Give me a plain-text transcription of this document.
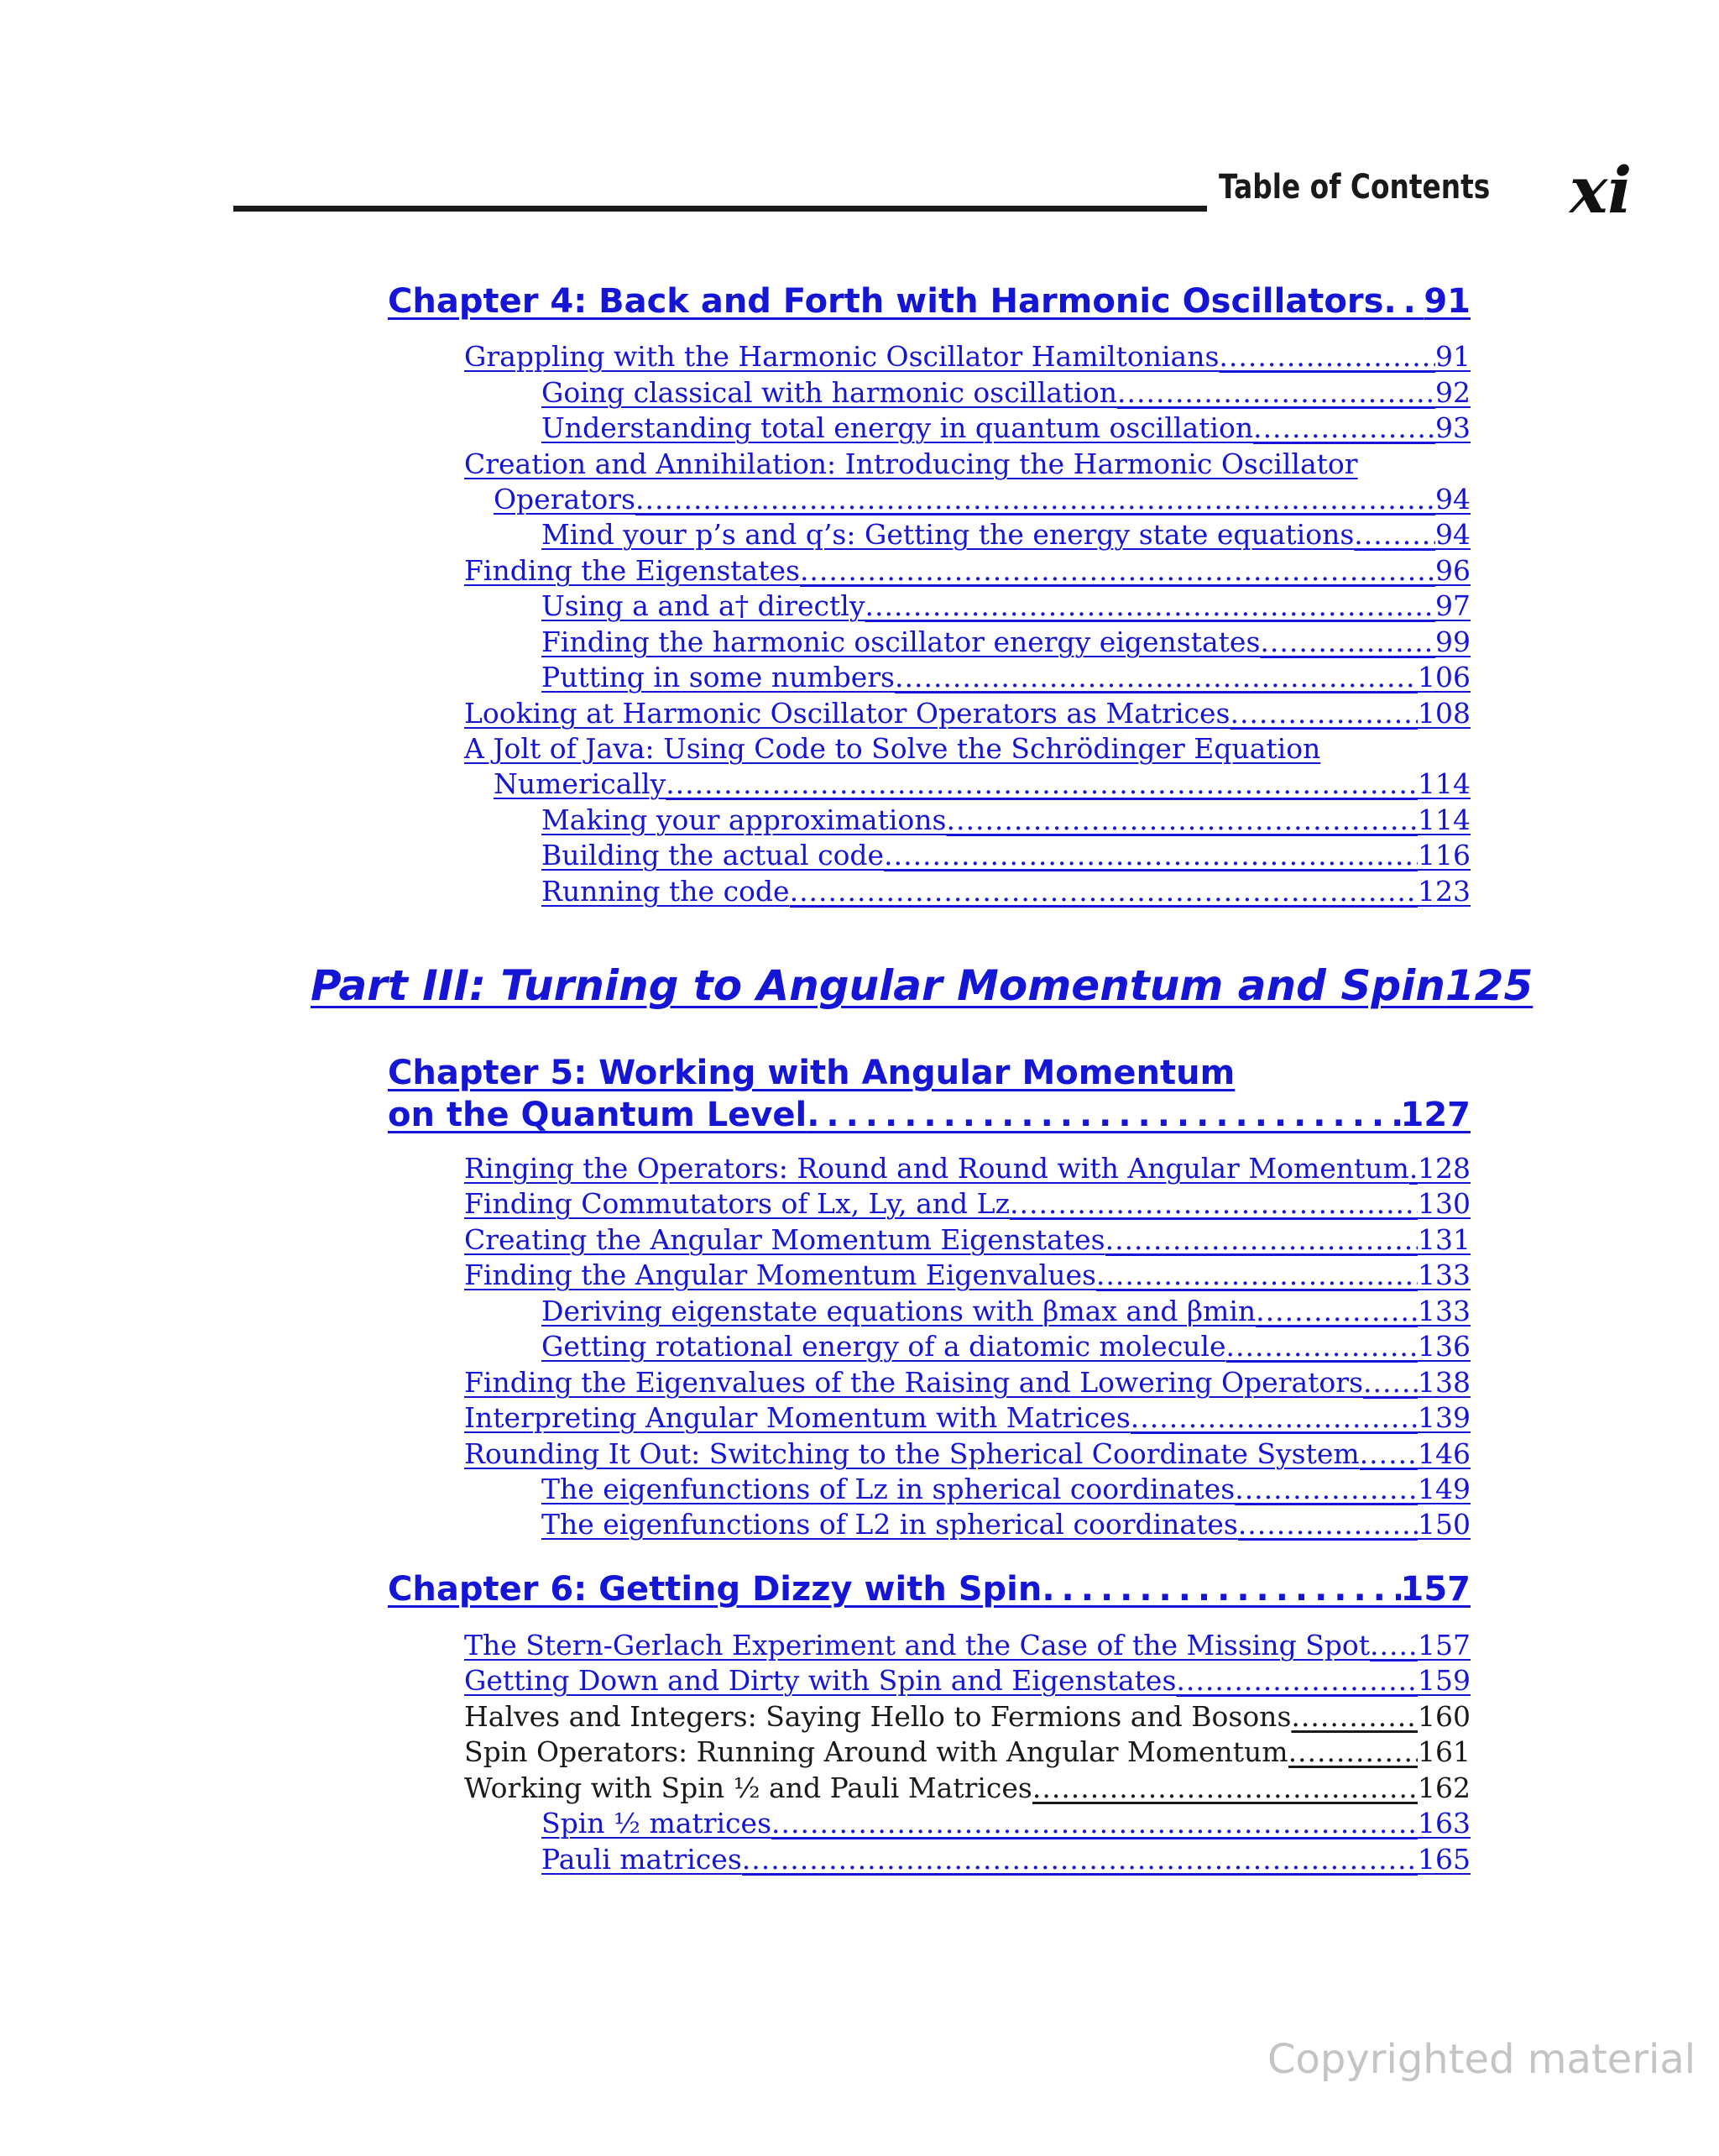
Table of Contents xi
Chapter 4: Back and Forth with Harmonic Oscillators ..... 91
Grappling with the Harmonic Oscillator Hamiltonians .....	91
Going classical with harmonic oscillation .....	92
Understanding total energy in quantum oscillation .....	93
Creation and Annihilation: Introducing the Harmonic Oscillator
Operators .....	94
Mind your p’s and q’s: Getting the energy state equations .....	94
Finding the Eigenstates .....	96
Using a and a† directly .....	97
Finding the harmonic oscillator energy eigenstates .....	99
Putting in some numbers .....	106
Looking at Harmonic Oscillator Operators as Matrices .....	108
A Jolt of Java: Using Code to Solve the Schrödinger Equation
Numerically .....	114
Making your approximations .....	114
Building the actual code .....	116
Running the code .....	123
Part III: Turning to Angular Momentum and Spin 125
Chapter 5: Working with Angular Momentum
on the Quantum Level .....	127
Ringing the Operators: Round and Round with Angular Momentum ..... 128
Finding Commutators of Lx, Ly, and Lz .....	130
Creating the Angular Momentum Eigenstates .....	131
Finding the Angular Momentum Eigenvalues .....	133
Deriving eigenstate equations with βmax and βmin .....	133
Getting rotational energy of a diatomic molecule .....	136
Finding the Eigenvalues of the Raising and Lowering Operators ..... 138
Interpreting Angular Momentum with Matrices .....	139
Rounding It Out: Switching to the Spherical Coordinate System ..... 146
The eigenfunctions of Lz in spherical coordinates .....	149
The eigenfunctions of L2 in spherical coordinates .....	150
Chapter 6: Getting Dizzy with Spin .....	157
The Stern-Gerlach Experiment and the Case of the Missing Spot ..... 157
Getting Down and Dirty with Spin and Eigenstates .....	159
Halves and Integers: Saying Hello to Fermions and Bosons .....	160
Spin Operators: Running Around with Angular Momentum .....	161
Working with Spin ½ and Pauli Matrices .....	162
Spin ½ matrices .....	163
Pauli matrices .....	165
Copyrighted material
